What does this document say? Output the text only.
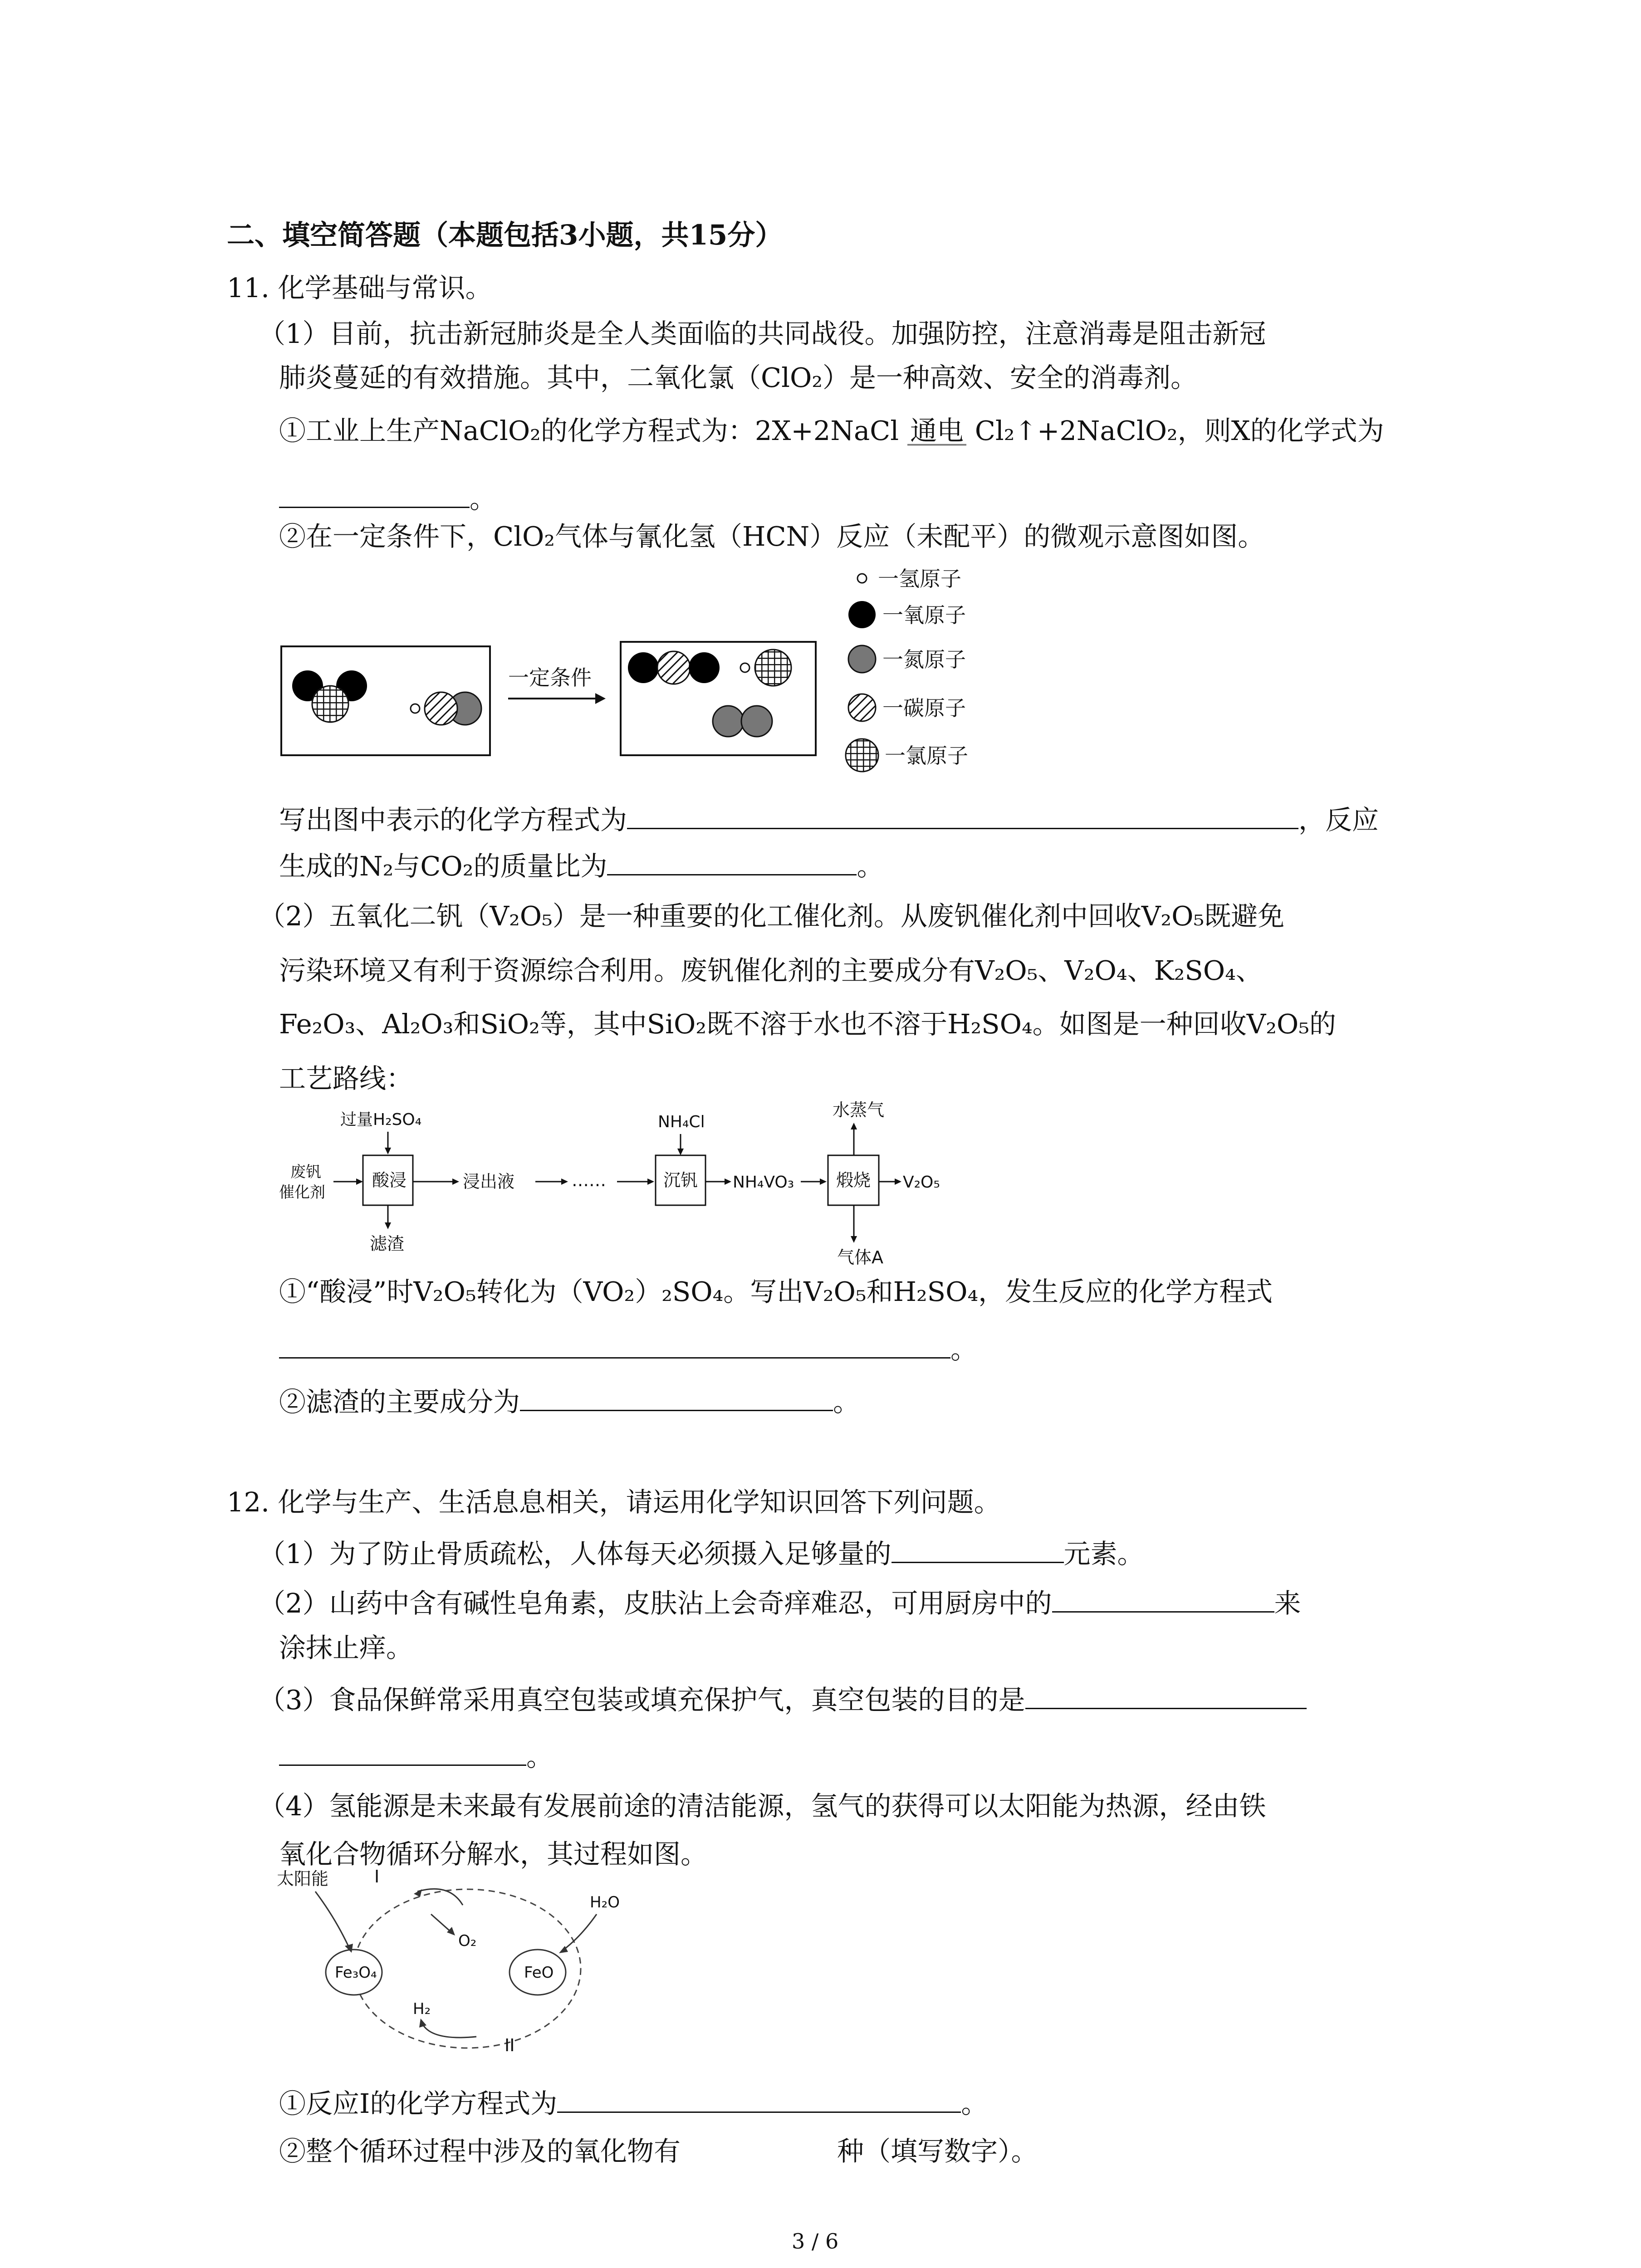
二、填空简答题（本题包括3小题，共15分）
11. 化学基础与常识。
（1）目前，抗击新冠肺炎是全人类面临的共同战役。加强防控，注意消毒是阻击新冠
肺炎蔓延的有效措施。其中，二氧化氯（ClO₂）是一种高效、安全的消毒剂。
①工业上生产NaClO₂的化学方程式为：2X+2NaCl 通电 Cl₂↑+2NaClO₂，则X的化学式为
。
②在一定条件下，ClO₂气体与氰化氢（HCN）反应（未配平）的微观示意图如图。
一定条件
一氢原子
一氧原子
一氮原子
一碳原子
一氯原子
写出图中表示的化学方程式为	，反应
生成的N₂与CO₂的质量比为	。
（2）五氧化二钒（V₂O₅）是一种重要的化工催化剂。从废钒催化剂中回收V₂O₅既避免
污染环境又有利于资源综合利用。废钒催化剂的主要成分有V₂O₅、V₂O₄、K₂SO₄、
Fe₂O₃、Al₂O₃和SiO₂等，其中SiO₂既不溶于水也不溶于H₂SO₄。如图是一种回收V₂O₅的
工艺路线：
废钒
催化剂
过量H₂SO₄
酸浸
滤渣
浸出液	……
NH₄Cl
沉钒 NH₄VO₃
水蒸气
煅烧 V₂O₅
气体A
①“酸浸”时V₂O₅转化为（VO₂）₂SO₄。写出V₂O₅和H₂SO₄，发生反应的化学方程式
。
②滤渣的主要成分为	。
12. 化学与生产、生活息息相关，请运用化学知识回答下列问题。
（1）为了防止骨质疏松，人体每天必须摄入足够量的	元素。
（2）山药中含有碱性皂角素，皮肤沾上会奇痒难忍，可用厨房中的	来
涂抹止痒。
（3）食品保鲜常采用真空包装或填充保护气，真空包装的目的是
。
（4）氢能源是未来最有发展前途的清洁能源，氢气的获得可以太阳能为热源，经由铁
氧化合物循环分解水，其过程如图。
Fe₃O₄	FeO
太阳能	I
O₂
H₂O
H₂
II
①反应Ⅰ的化学方程式为	。
②整个循环过程中涉及的氧化物有	种（填写数字）。
3 / 6
